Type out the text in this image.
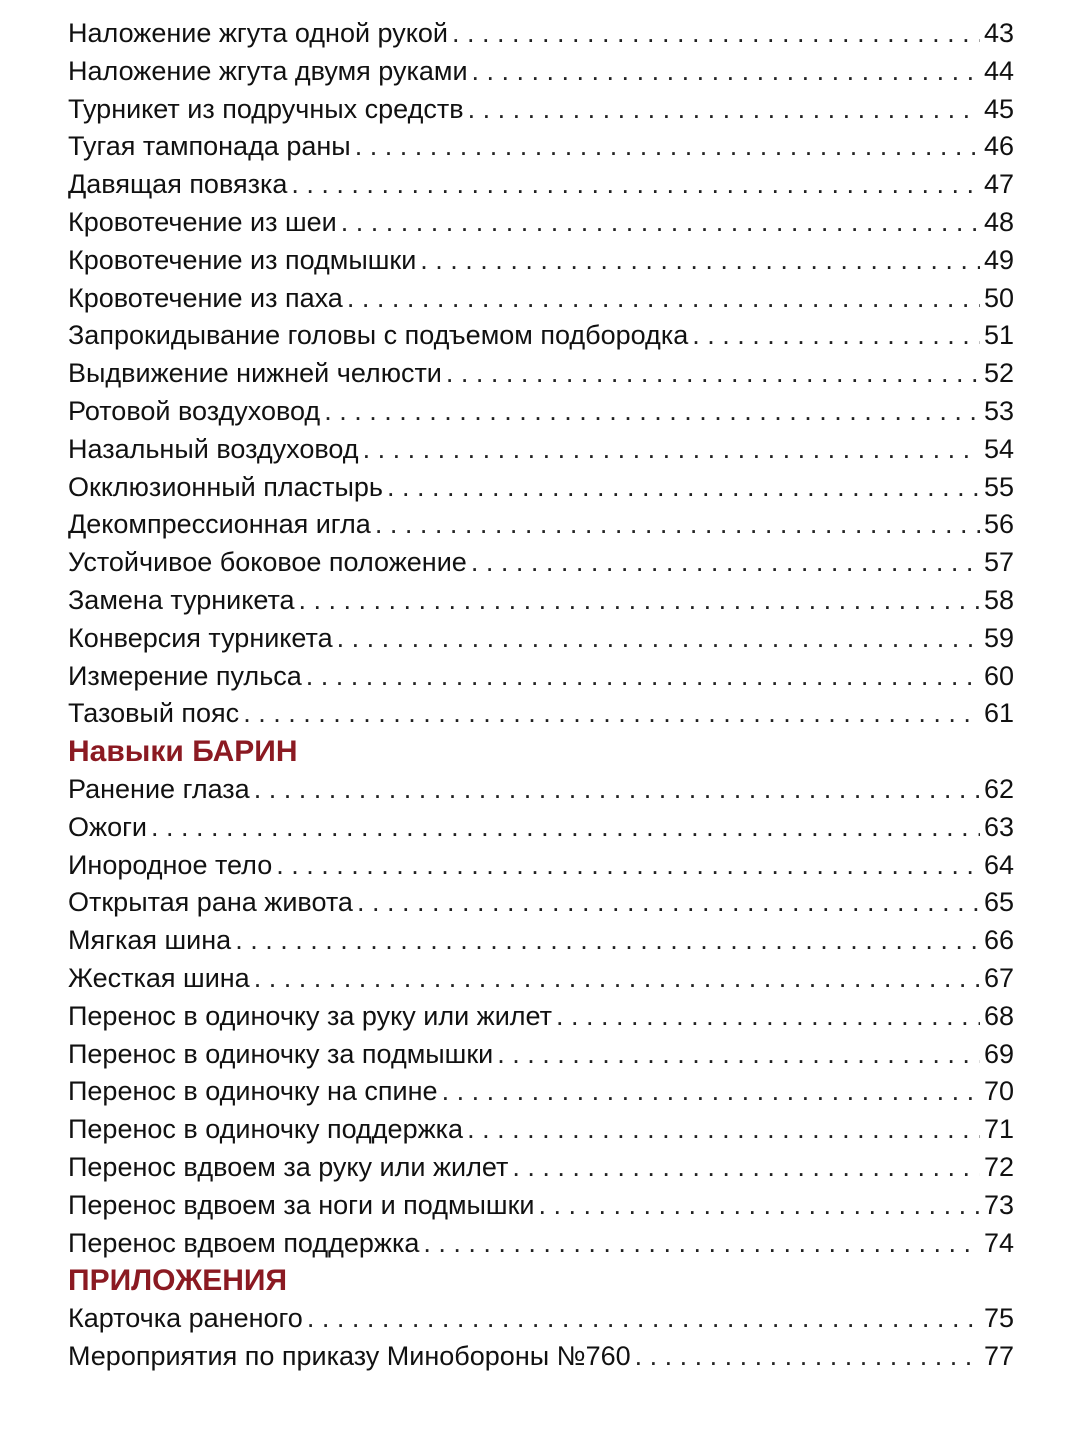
Наложение жгута одной рукой . . .	43
Наложение жгута двумя руками . . .	44
Турникет из подручных средств . . .	45
Тугая тампонада раны . . .	46
Давящая повязка . . .	47
Кровотечение из шеи . . .	48
Кровотечение из подмышки . . .	49
Кровотечение из паха . . .	50
Запрокидывание головы с подъемом подбородка . . .	51
Выдвижение нижней челюсти . . .	52
Ротовой воздуховод . . .	53
Назальный воздуховод . . .	54
Окклюзионный пластырь . . .	55
Декомпрессионная игла . . .	56
Устойчивое боковое положение . . .	57
Замена турникета . . .	58
Конверсия турникета . . .	59
Измерение пульса . . .	60
Тазовый пояс . . .	61
Навыки БАРИН
Ранение глаза . . .	62
Ожоги . . .	63
Инородное тело . . .	64
Открытая рана живота . . .	65
Мягкая шина . . .	66
Жесткая шина . . .	67
Перенос в одиночку за руку или жилет . . .	68
Перенос в одиночку за подмышки . . .	69
Перенос в одиночку на спине . . .	70
Перенос в одиночку поддержка . . .	71
Перенос вдвоем за руку или жилет . . .	72
Перенос вдвоем за ноги и подмышки . . .	73
Перенос вдвоем поддержка . . .	74
ПРИЛОЖЕНИЯ
Карточка раненого . . .	75
Мероприятия по приказу Минобороны №760 . . .	77
